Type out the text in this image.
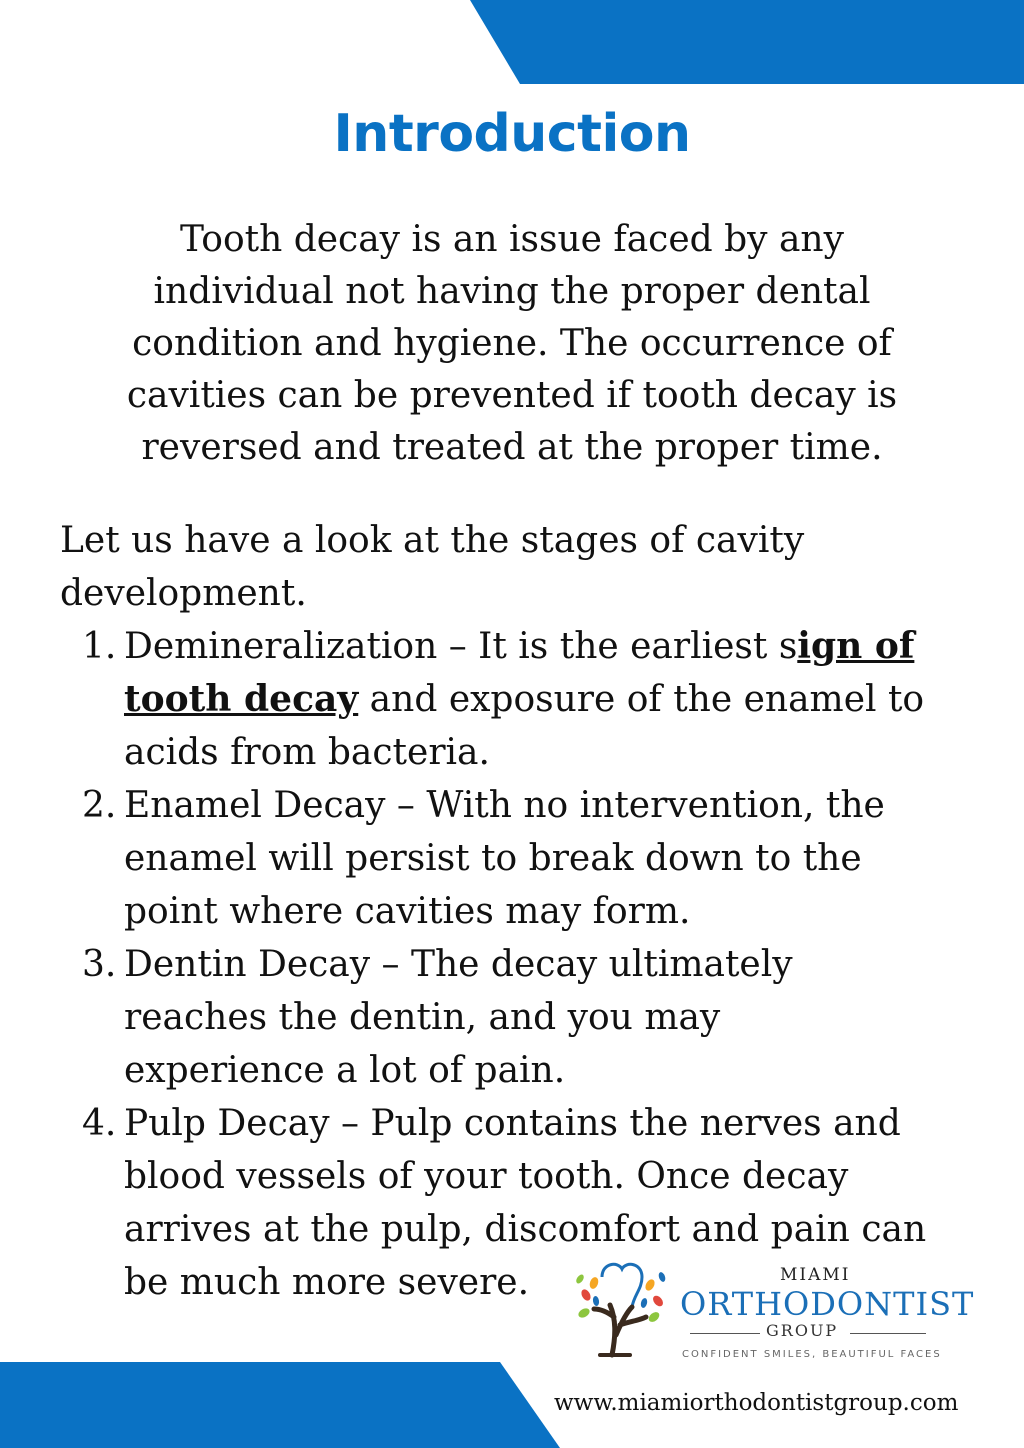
Introduction

Tooth decay is an issue faced by any
individual not having the proper dental
condition and hygiene. The occurrence of
cavities can be prevented if tooth decay is
reversed and treated at the proper time.

Let us have a look at the stages of cavity
development.

1. Demineralization – It is the earliest sign of
tooth decay and exposure of the enamel to
acids from bacteria.
2. Enamel Decay – With no intervention, the
enamel will persist to break down to the
point where cavities may form.
3. Dentin Decay – The decay ultimately
reaches the dentin, and you may
experience a lot of pain.
4. Pulp Decay – Pulp contains the nerves and
blood vessels of your tooth. Once decay
arrives at the pulp, discomfort and pain can
be much more severe.	MIAMI
ORTHODONTIST
GROUP
CONFIDENT SMILES, BEAUTIFUL FACES
www.miamiorthodontistgroup.com
